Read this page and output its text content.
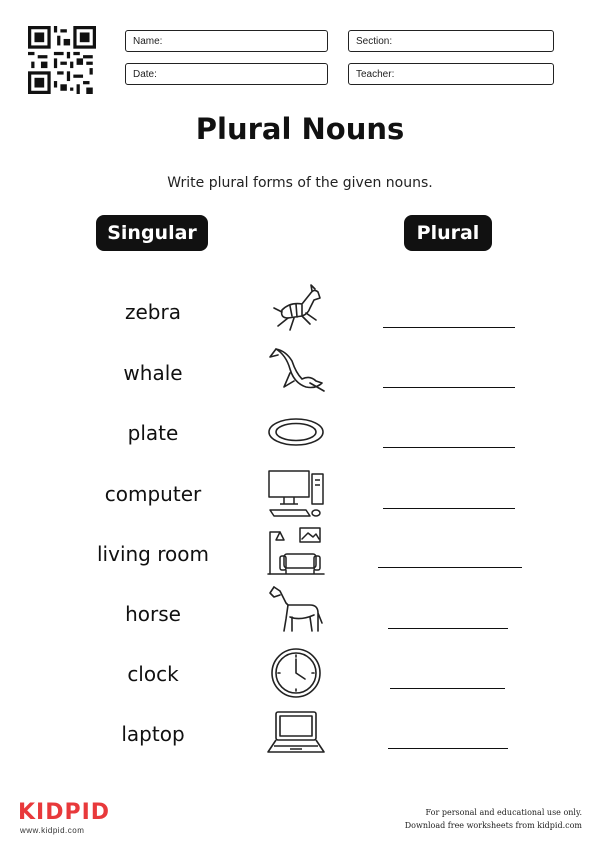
Name:	Section:
Date:	Teacher:
Plural Nouns
Write plural forms of the given nouns.
Singular	Plural
zebra
whale
plate
computer
living room
horse
clock
laptop
KIDPID
www.kidpid.com
For personal and educational use only.
Download free worksheets from kidpid.com
